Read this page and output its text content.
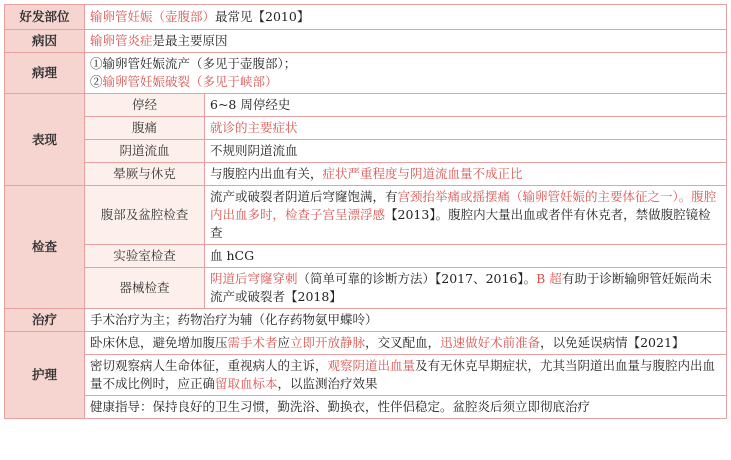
好发部位	输卵管妊娠（壶腹部）最常见【2010】	
病因	输卵管炎症是最主要原因	
病理	①输卵管妊娠流产（多见于壶腹部）；
②输卵管妊娠破裂（多见于峡部）	

表现	停经	6~8 周停经史
	腹痛	就诊的主要症状
	阴道流血	不规则阴道流血
	晕厥与休克	与腹腔内出血有关，症状严重程度与阴道流血量不成正比
检查	腹部及盆腔检查	流产或破裂者阴道后穹窿饱满，有宫颈抬举痛或摇摆痛（输卵管妊娠的主要体征之一）。腹腔内出血多时，检查子宫呈漂浮感【2013】。腹腔内大量出血或者伴有休克者，禁做腹腔镜检查
	实验室检查	血 hCG
	器械检查	阴道后穹窿穿刺（简单可靠的诊断方法）【2017、2016】。B 超有助于诊断输卵管妊娠尚未流产或破裂者【2018】
治疗	手术治疗为主；药物治疗为辅（化存药物氨甲蝶呤）	
护理	卧床休息，避免增加腹压需手术者应立即开放静脉，交叉配血，迅速做好术前准备，以免延误病情【2021】	
	密切观察病人生命体征，重视病人的主诉，观察阴道出血量及有无休克早期症状，尤其当阴道出血量与腹腔内出血量不成比例时，应正确留取血标本，以监测治疗效果	
	健康指导：保持良好的卫生习惯，勤洗浴、勤换衣，性伴侣稳定。盆腔炎后须立即彻底治疗	
